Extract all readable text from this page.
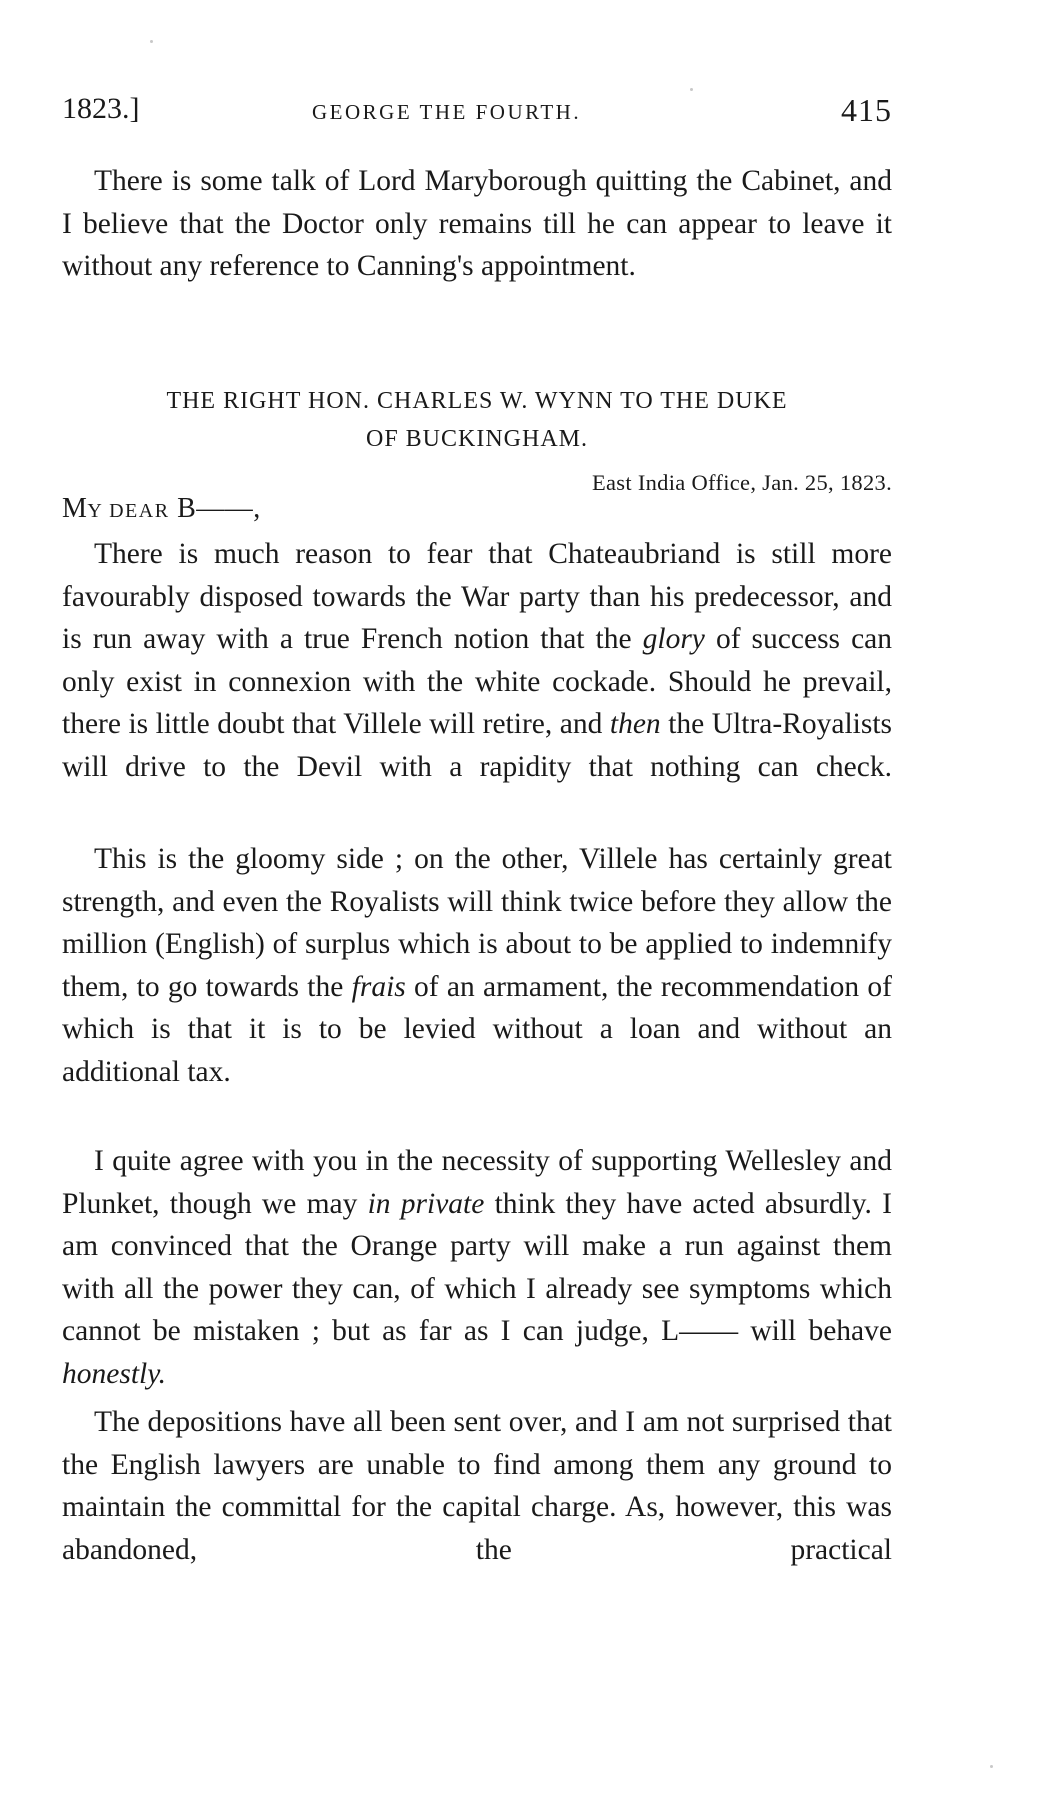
1823.]	GEORGE THE FOURTH.	415
There is some talk of Lord Maryborough quitting the Cabinet, and I believe that the Doctor only remains till he can appear to leave it without any reference to Canning's appointment.
THE RIGHT HON. CHARLES W. WYNN TO THE DUKE
OF BUCKINGHAM.
East India Office, Jan. 25, 1823.
MY DEAR B——,
There is much reason to fear that Chateaubriand is still more favourably disposed towards the War party than his predecessor, and is run away with a true French notion that the glory of success can only exist in connexion with the white cockade. Should he prevail, there is little doubt that Villele will retire, and then the Ultra-Royalists will drive to the Devil with a rapidity that nothing can check.
This is the gloomy side ; on the other, Villele has certainly great strength, and even the Royalists will think twice before they allow the million (English) of surplus which is about to be applied to indemnify them, to go towards the frais of an armament, the recommendation of which is that it is to be levied without a loan and without an additional tax.
I quite agree with you in the necessity of supporting Wellesley and Plunket, though we may in private think they have acted absurdly. I am convinced that the Orange party will make a run against them with all the power they can, of which I already see symptoms which cannot be mistaken ; but as far as I can judge, L—— will behave honestly.
The depositions have all been sent over, and I am not surprised that the English lawyers are unable to find among them any ground to maintain the committal for the capital charge. As, however, this was abandoned, the practical
